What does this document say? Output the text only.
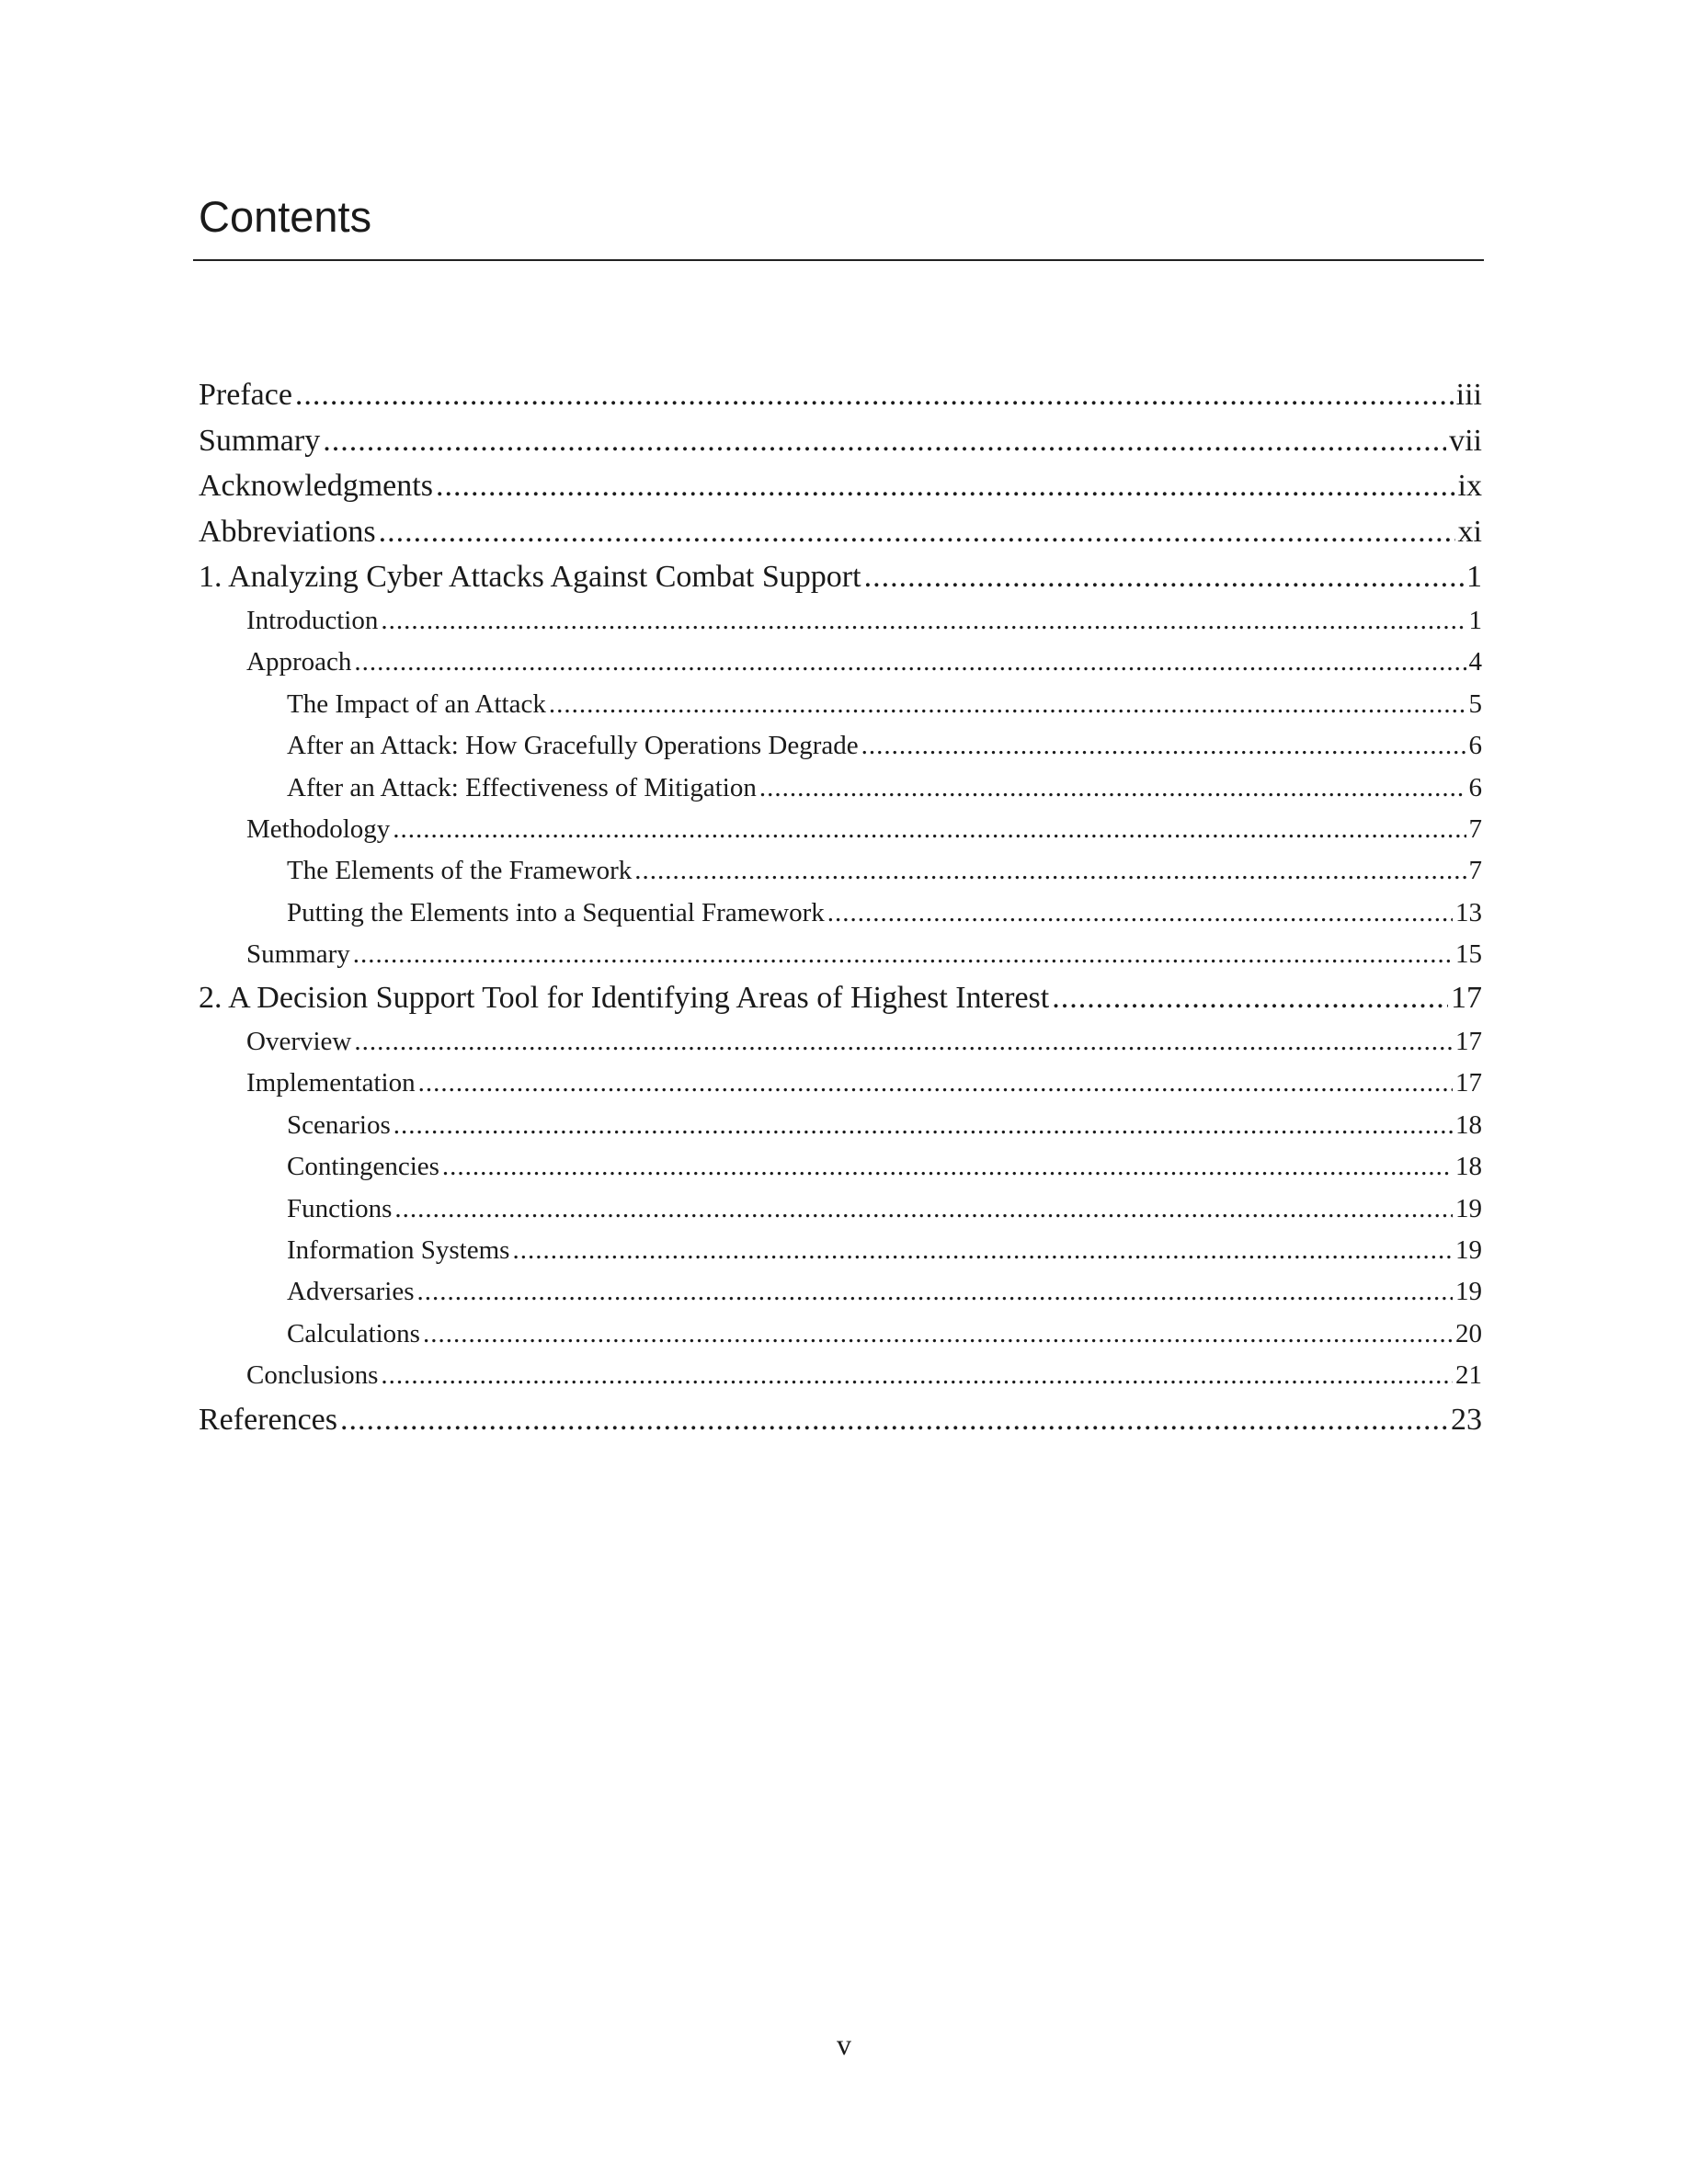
Contents
Preface .....	iii
Summary .....	vii
Acknowledgments .....	ix
Abbreviations .....	xi
1. Analyzing Cyber Attacks Against Combat Support .....	1
Introduction .....	1
Approach .....	4
The Impact of an Attack .....	5
After an Attack: How Gracefully Operations Degrade .....	6
After an Attack: Effectiveness of Mitigation .....	6
Methodology .....	7
The Elements of the Framework .....	7
Putting the Elements into a Sequential Framework .....	13
Summary .....	15
2. A Decision Support Tool for Identifying Areas of Highest Interest .....	17
Overview .....	17
Implementation .....	17
Scenarios .....	18
Contingencies .....	18
Functions .....	19
Information Systems .....	19
Adversaries .....	19
Calculations .....	20
Conclusions .....	21
References .....	23
v
